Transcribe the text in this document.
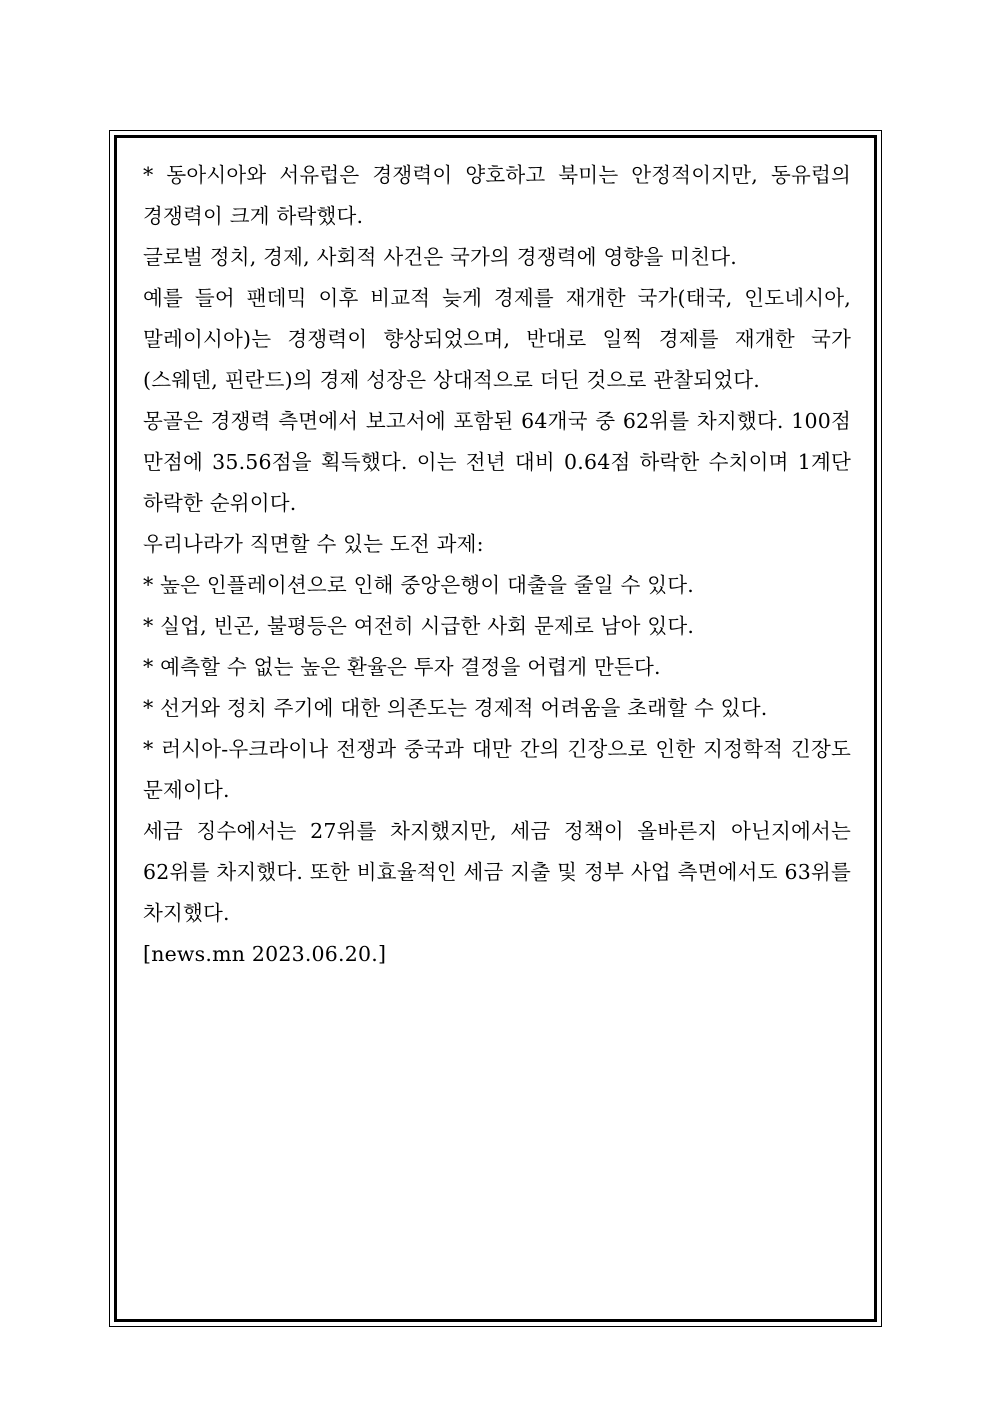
* 동아시아와 서유럽은 경쟁력이 양호하고 북미는 안정적이지만, 동유럽의 경쟁력이 크게 하락했다.

글로벌 정치, 경제, 사회적 사건은 국가의 경쟁력에 영향을 미친다.

예를 들어 팬데믹 이후 비교적 늦게 경제를 재개한 국가(태국, 인도네시아, 말레이시아)는 경쟁력이 향상되었으며, 반대로 일찍 경제를 재개한 국가(스웨덴, 핀란드)의 경제 성장은 상대적으로 더딘 것으로 관찰되었다.

몽골은 경쟁력 측면에서 보고서에 포함된 64개국 중 62위를 차지했다. 100점 만점에 35.56점을 획득했다. 이는 전년 대비 0.64점 하락한 수치이며 1계단 하락한 순위이다.

우리나라가 직면할 수 있는 도전 과제:

* 높은 인플레이션으로 인해 중앙은행이 대출을 줄일 수 있다.

* 실업, 빈곤, 불평등은 여전히 시급한 사회 문제로 남아 있다.

* 예측할 수 없는 높은 환율은 투자 결정을 어렵게 만든다.

* 선거와 정치 주기에 대한 의존도는 경제적 어려움을 초래할 수 있다.

* 러시아-우크라이나 전쟁과 중국과 대만 간의 긴장으로 인한 지정학적 긴장도 문제이다.

세금 징수에서는 27위를 차지했지만, 세금 정책이 올바른지 아닌지에서는 62위를 차지했다. 또한 비효율적인 세금 지출 및 정부 사업 측면에서도 63위를 차지했다.

[news.mn 2023.06.20.]
